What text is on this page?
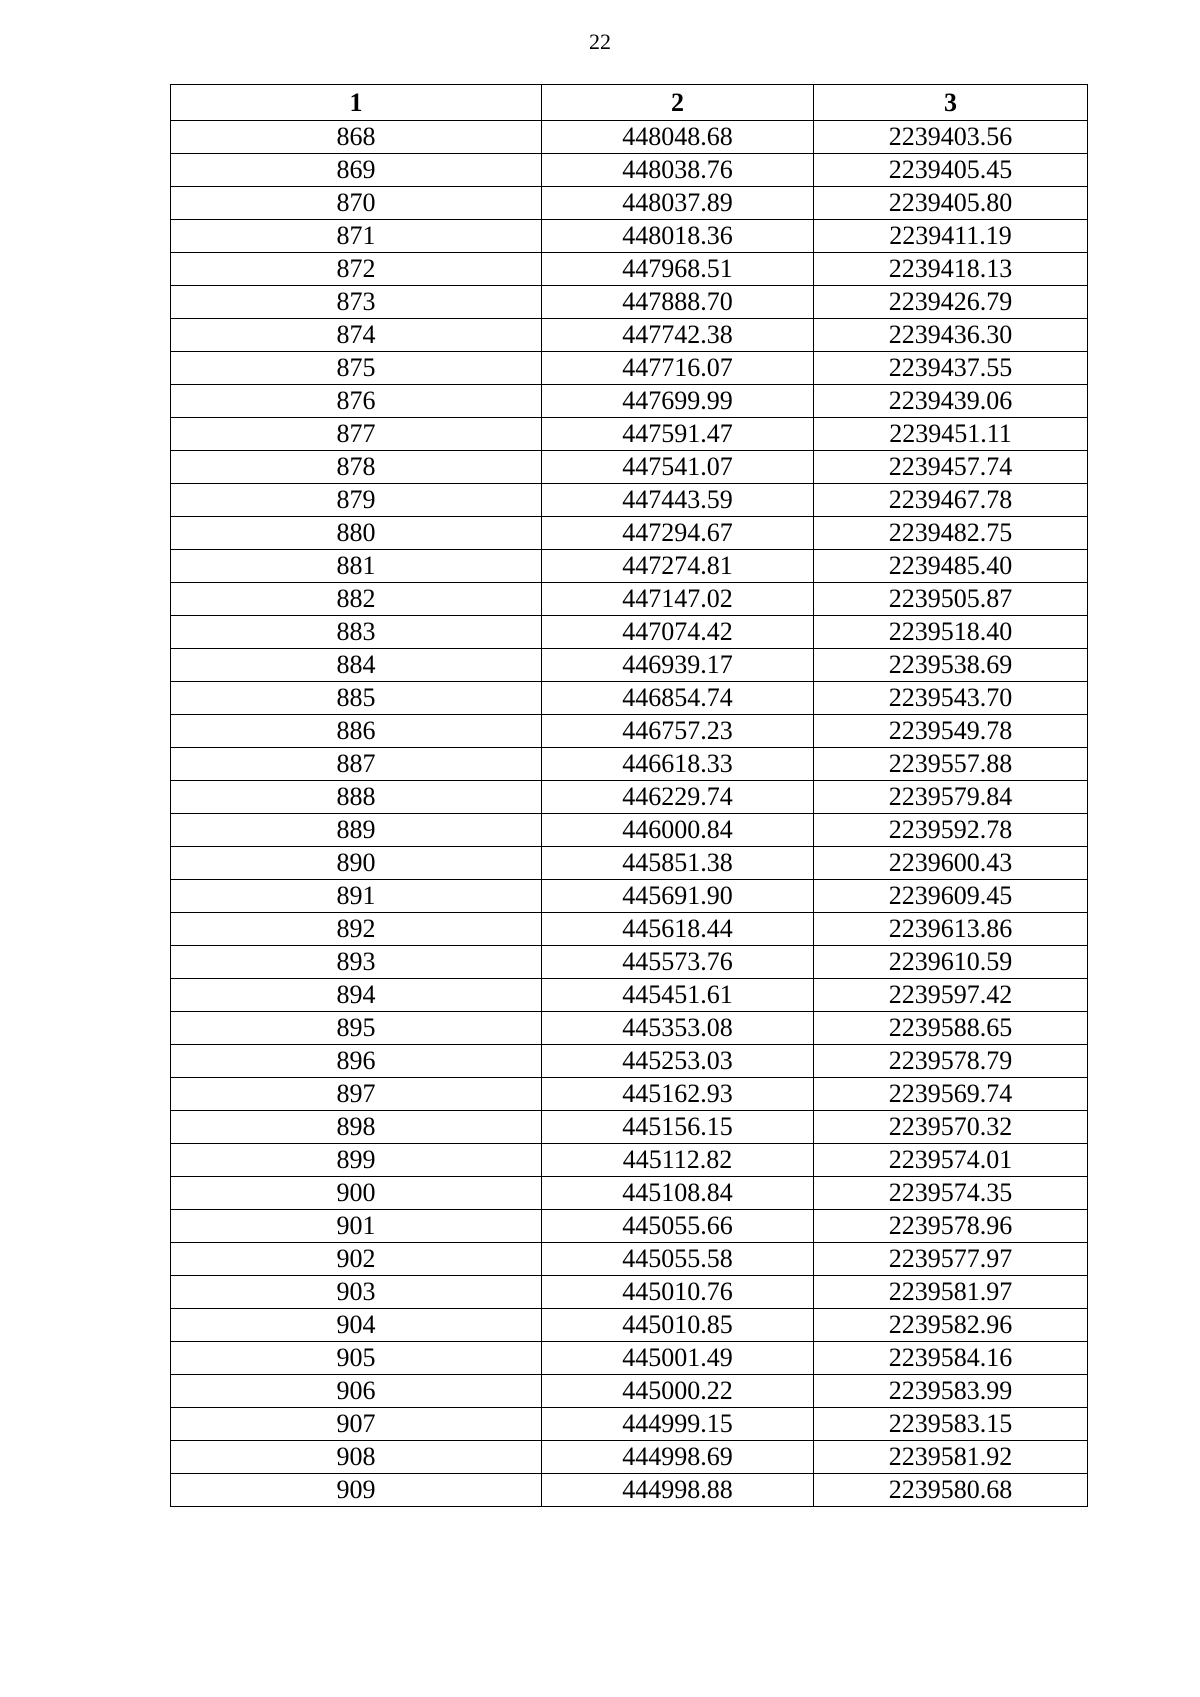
22
1	2	3
868	448048.68	2239403.56
869	448038.76	2239405.45
870	448037.89	2239405.80
871	448018.36	2239411.19
872	447968.51	2239418.13
873	447888.70	2239426.79
874	447742.38	2239436.30
875	447716.07	2239437.55
876	447699.99	2239439.06
877	447591.47	2239451.11
878	447541.07	2239457.74
879	447443.59	2239467.78
880	447294.67	2239482.75
881	447274.81	2239485.40
882	447147.02	2239505.87
883	447074.42	2239518.40
884	446939.17	2239538.69
885	446854.74	2239543.70
886	446757.23	2239549.78
887	446618.33	2239557.88
888	446229.74	2239579.84
889	446000.84	2239592.78
890	445851.38	2239600.43
891	445691.90	2239609.45
892	445618.44	2239613.86
893	445573.76	2239610.59
894	445451.61	2239597.42
895	445353.08	2239588.65
896	445253.03	2239578.79
897	445162.93	2239569.74
898	445156.15	2239570.32
899	445112.82	2239574.01
900	445108.84	2239574.35
901	445055.66	2239578.96
902	445055.58	2239577.97
903	445010.76	2239581.97
904	445010.85	2239582.96
905	445001.49	2239584.16
906	445000.22	2239583.99
907	444999.15	2239583.15
908	444998.69	2239581.92
909	444998.88	2239580.68
